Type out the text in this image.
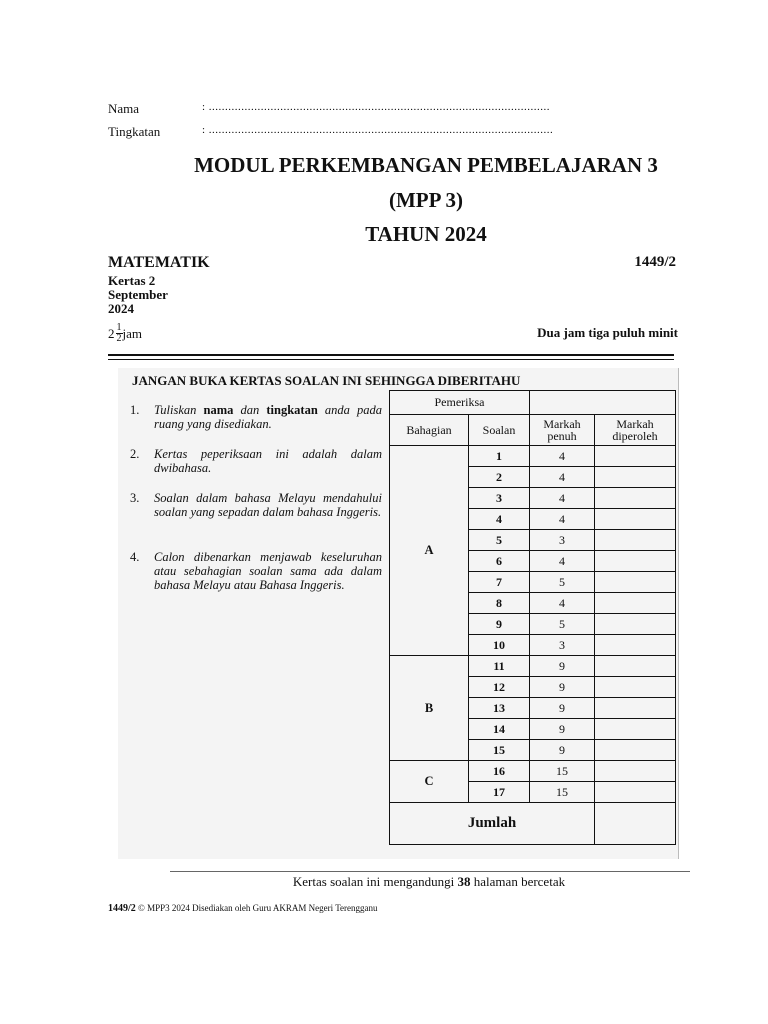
Nama	: .........................................................................................................
Tingkatan	: ..........................................................................................................
MODUL PERKEMBANGAN PEMBELAJARAN 3
(MPP 3)
TAHUN 2024
MATEMATIK	1449/2
Kertas 2
September
2024
$2 \frac{1}{2}$ jam	Dua jam tiga puluh minit
JANGAN BUKA KERTAS SOALAN INI SEHINGGA DIBERITAHU
1. Tuliskan nama dan tingkatan anda pada ruang yang disediakan.
2. Kertas peperiksaan ini adalah dalam dwibahasa.
3. Soalan dalam bahasa Melayu mendahului soalan yang sepadan dalam bahasa Inggeris.
4. Calon dibenarkan menjawab keseluruhan atau sebahagian soalan sama ada dalam bahasa Melayu atau Bahasa Inggeris.
Pemeriksa			
Bahagian	Soalan	Markah penuh	Markah diperoleh
A	1	4	
	2	4	
	3	4	
	4	4	
	5	3	
	6	4	
	7	5	
	8	4	
	9	5	
	10	3	
B	11	9	
	12	9	
	13	9	
	14	9	
	15	9	
C	16	15	
	17	15	
Jumlah			
Kertas soalan ini mengandungi 38 halaman bercetak
1449/2 © MPP3 2024 Disediakan oleh Guru AKRAM Negeri Terengganu
